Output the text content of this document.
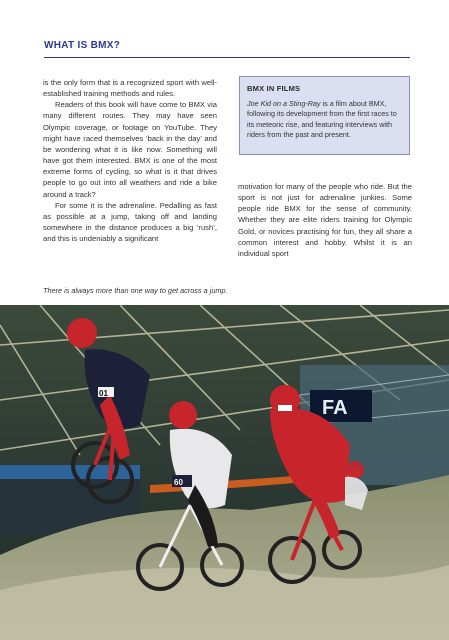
WHAT IS BMX?

is the only form that is a recognized sport with well-established training methods and rules.

Readers of this book will have come to BMX via many different routes. They may have seen Olympic coverage, or footage on YouTube. They might have raced themselves ‘back in the day’ and be wondering what it is like now. Something will have got them interested. BMX is one of the most extreme forms of cycling, so what is it that drives people to go out into all weathers and ride a bike around a track?

For some it is the adrenaline. Pedalling as fast as possible at a jump, taking off and landing somewhere in the distance produces a big ‘rush’, and this is undeniably a significant

BMX IN FILMS
Joe Kid on a Sting-Ray is a film about BMX, following its development from the first races to its meteoric rise, and featuring interviews with riders from the past and present.

motivation for many of the people who ride. But the sport is not just for adrenaline junkies. Some people ride BMX for the sense of community. Whether they are elite riders training for Olympic Gold, or novices practising for fun, they all share a common interest and hobby. Whilst it is an individual sport

There is always more than one way to get across a jump.
FA
01
60
